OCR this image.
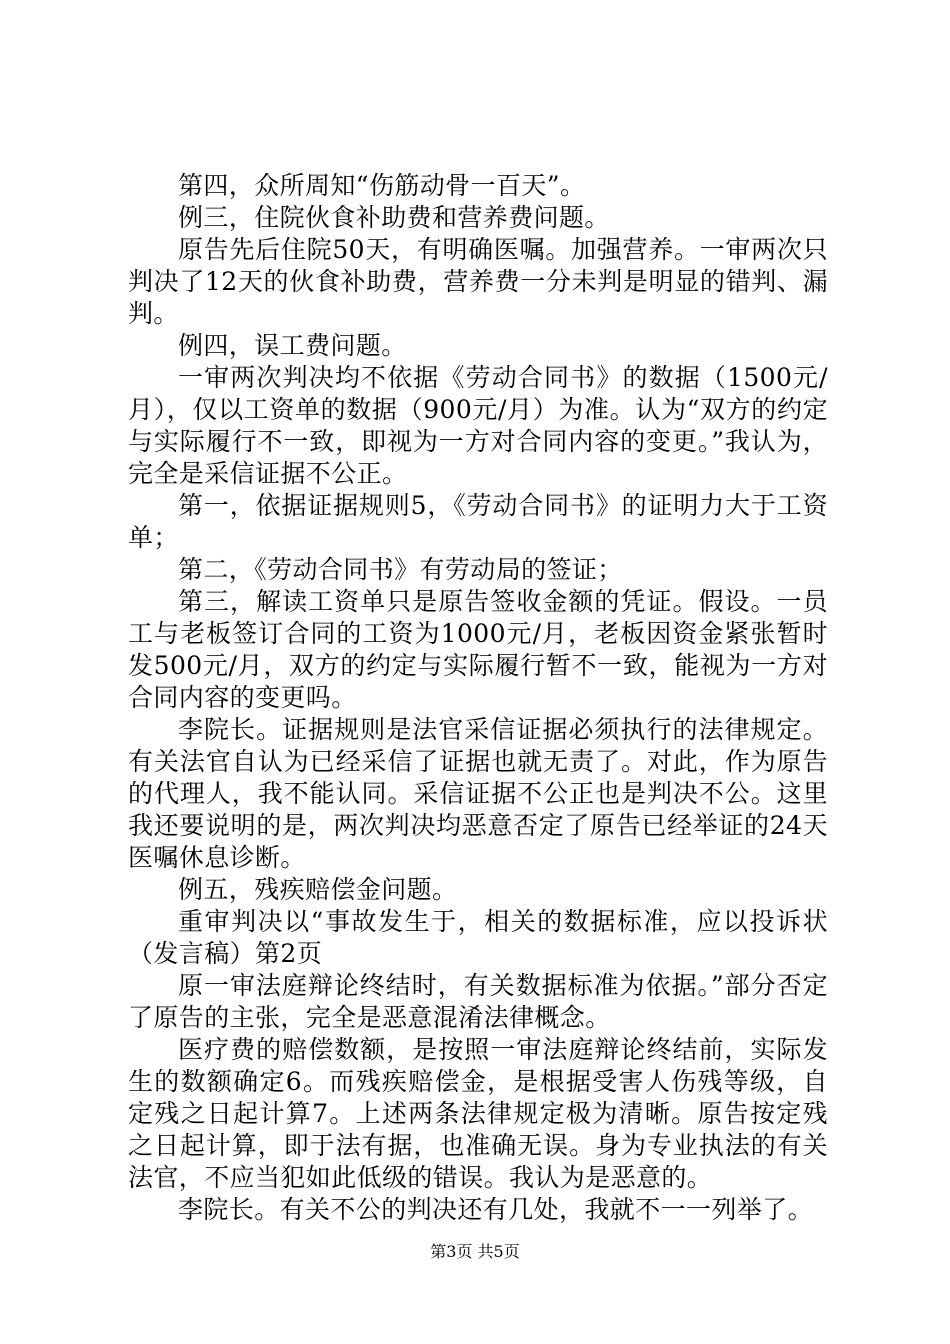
第四，众所周知“伤筋动骨一百天”。

例三，住院伙食补助费和营养费问题。

原告先后住院50天，有明确医嘱。加强营养。一审两次只判决了12天的伙食补助费，营养费一分未判是明显的错判、漏判。

例四，误工费问题。

一审两次判决均不依据《劳动合同书》的数据（1500元/月），仅以工资单的数据（900元/月）为准。认为“双方的约定与实际履行不一致，即视为一方对合同内容的变更。”我认为，完全是采信证据不公正。

第一，依据证据规则5，《劳动合同书》的证明力大于工资单；

第二，《劳动合同书》有劳动局的签证；

第三，解读工资单只是原告签收金额的凭证。假设。一员工与老板签订合同的工资为1000元/月，老板因资金紧张暂时发500元/月，双方的约定与实际履行暂不一致，能视为一方对合同内容的变更吗。

李院长。证据规则是法官采信证据必须执行的法律规定。有关法官自认为已经采信了证据也就无责了。对此，作为原告的代理人，我不能认同。采信证据不公正也是判决不公。这里我还要说明的是，两次判决均恶意否定了原告已经举证的24天医嘱休息诊断。

例五，残疾赔偿金问题。

重审判决以“事故发生于，相关的数据标准，应以投诉状（发言稿）第2页

原一审法庭辩论终结时，有关数据标准为依据。”部分否定了原告的主张，完全是恶意混淆法律概念。

医疗费的赔偿数额，是按照一审法庭辩论终结前，实际发生的数额确定6。而残疾赔偿金，是根据受害人伤残等级，自定残之日起计算7。上述两条法律规定极为清晰。原告按定残之日起计算，即于法有据，也准确无误。身为专业执法的有关法官，不应当犯如此低级的错误。我认为是恶意的。

李院长。有关不公的判决还有几处，我就不一一列举了。

第3页 共5页
